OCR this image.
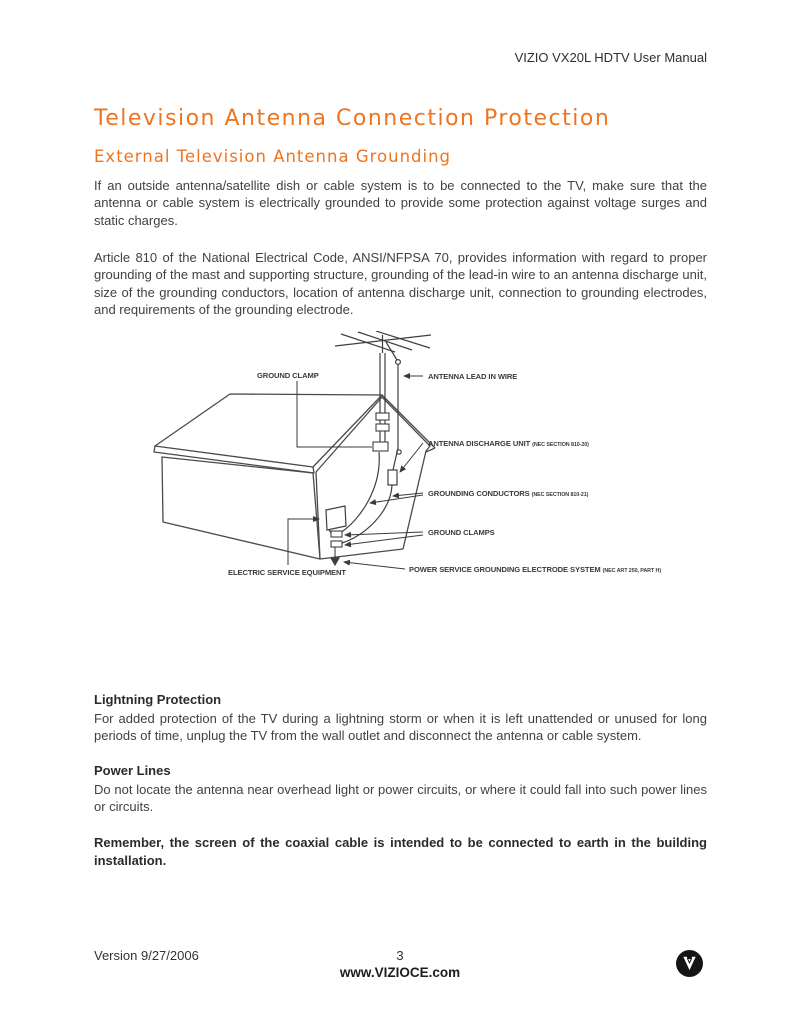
VIZIO VX20L HDTV User Manual
Television Antenna Connection Protection
External Television Antenna Grounding

If an outside antenna/satellite dish or cable system is to be connected to the TV, make sure that the antenna or cable system is electrically grounded to provide some protection against voltage surges and static charges.

Article 810 of the National Electrical Code, ANSI/NFPSA 70, provides information with regard to proper grounding of the mast and supporting structure, grounding of the lead-in wire to an antenna discharge unit, size of the grounding conductors, location of antenna discharge unit, connection to grounding electrodes, and requirements of the grounding electrode.

GROUND CLAMP	ANTENNA LEAD IN WIRE
ANTENNA DISCHARGE UNIT (NEC SECTION 810-20)
GROUNDING CONDUCTORS (NEC SECTION 810-21)
GROUND CLAMPS
ELECTRIC SERVICE EQUIPMENT	POWER SERVICE GROUNDING ELECTRODE SYSTEM (NEC ART 250, PART H)
Lightning Protection

For added protection of the TV during a lightning storm or when it is left unattended or unused for long periods of time, unplug the TV from the wall outlet and disconnect the antenna or cable system.

Power Lines

Do not locate the antenna near overhead light or power circuits, or where it could fall into such power lines or circuits.

Remember, the screen of the coaxial cable is intended to be connected to earth in the building installation.

Version 9/27/2006	3
www.VIZIOCE.com
